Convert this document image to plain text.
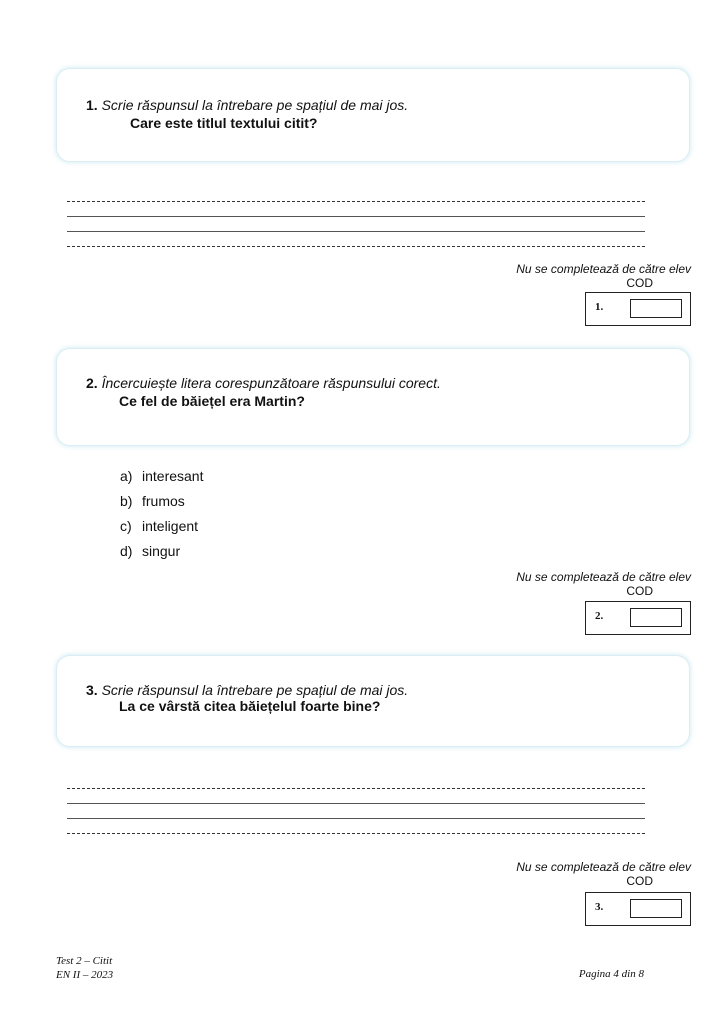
1. Scrie răspunsul la întrebare pe spațiul de mai jos.
Care este titlul textului citit?
Nu se completează de către elev
COD
1.
2. Încercuiește litera corespunzătoare răspunsului corect.
Ce fel de băiețel era Martin?
a) interesant
b) frumos
c) inteligent
d) singur
Nu se completează de către elev
COD
2.
3. Scrie răspunsul la întrebare pe spațiul de mai jos.
La ce vârstă citea băiețelul foarte bine?
Nu se completează de către elev
COD
3.
Test 2 – Citit
EN II – 2023	Pagina 4 din 8
